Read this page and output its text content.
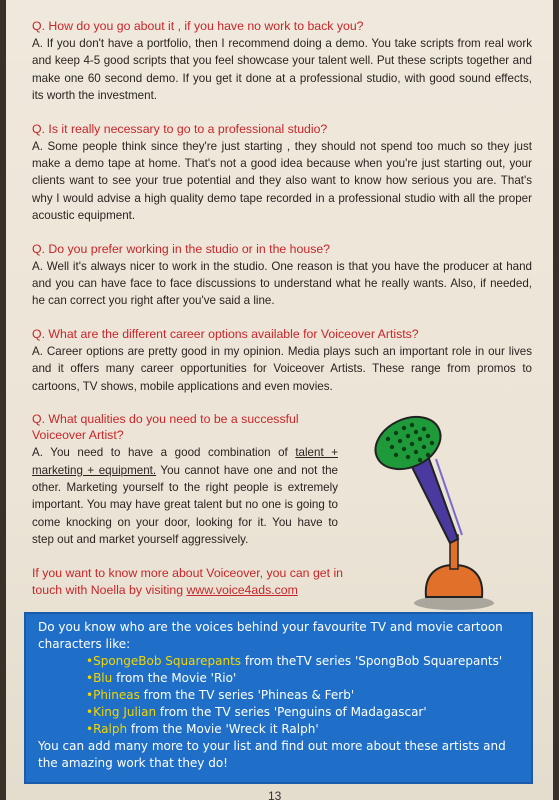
Q. How do you go about it , if you have no work to back you?

A. If you don't have a portfolio, then I recommend doing a demo. You take scripts from real work and keep 4-5 good scripts that you feel showcase your talent well. Put these scripts together and make one 60 second demo. If you get it done at a professional studio, with good sound effects, its worth the investment.

Q. Is it really necessary to go to a professional studio?

A. Some people think since they're just starting , they should not spend too much so they just make a demo tape at home. That's not a good idea because when you're just starting out, your clients want to see your true potential and they also want to know how serious you are. That's why I would advise a high quality demo tape recorded in a professional studio with all the proper acoustic equipment.

Q. Do you prefer working in the studio or in the house?

A. Well it's always nicer to work in the studio. One reason is that you have the producer at hand and you can have face to face discussions to understand what he really wants. Also, if needed, he can correct you right after you've said a line.

Q. What are the different career options available for Voiceover Artists?

A. Career options are pretty good in my opinion. Media plays such an important role in our lives and it offers many career opportunities for Voiceover Artists. These range from promos to cartoons, TV shows, mobile applications and even movies.

Q. What qualities do you need to be a successful Voiceover Artist?

A. You need to have a good combination of talent + marketing + equipment. You cannot have one and not the other. Marketing yourself to the right people is extremely important. You may have great talent but no one is going to come knocking on your door, looking for it. You have to step out and market yourself aggressively.

If you want to know more about Voiceover, you can get in touch with Noella by visiting www.voice4ads.com

Do you know who are the voices behind your favourite TV and movie cartoon characters like:

•SpongeBob Squarepants from theTV series 'SpongBob Squarepants'
•Blu from the Movie 'Rio'
•Phineas from the TV series 'Phineas & Ferb'
•King Julian from the TV series 'Penguins of Madagascar'
•Ralph from the Movie 'Wreck it Ralph'

You can add many more to your list and find out more about these artists and the amazing work that they do!

13
